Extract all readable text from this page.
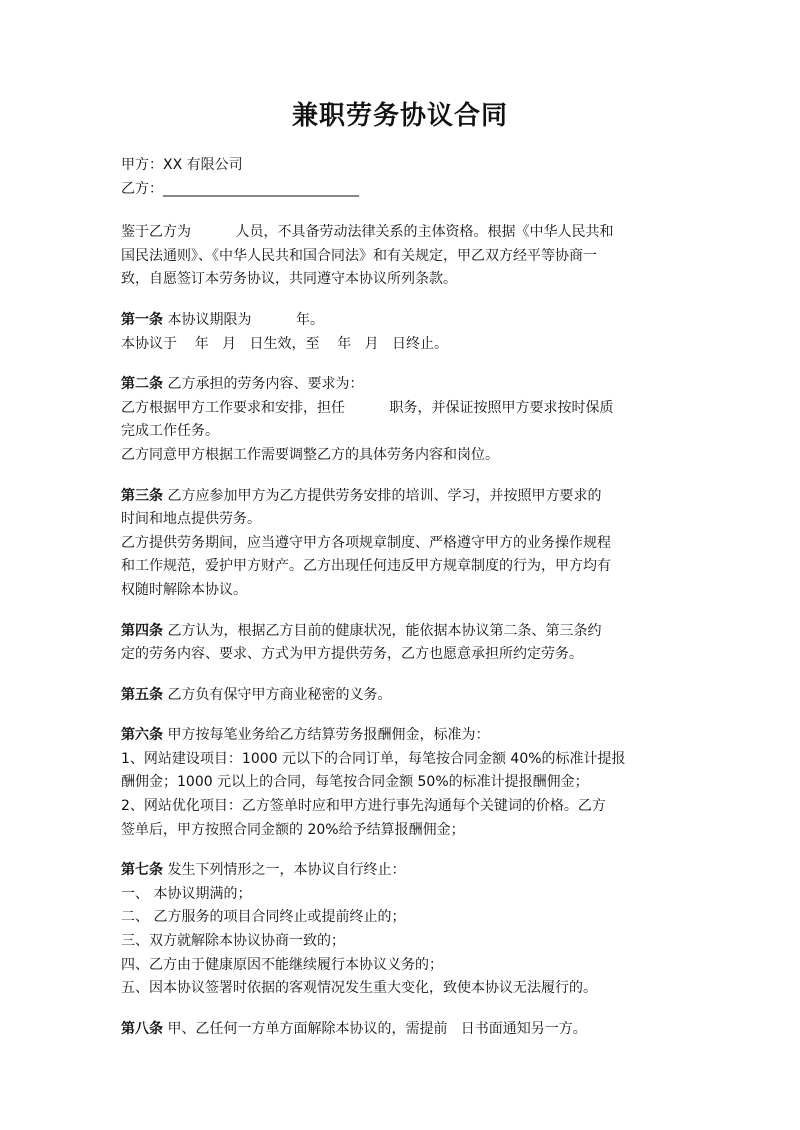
兼职劳务协议合同
甲方：XX 有限公司
乙方：____________________________
鉴于乙方为          人员，不具备劳动法律关系的主体资格。根据《中华人民共和
国民法通则》、《中华人民共和国合同法》和有关规定，甲乙双方经平等协商一
致，自愿签订本劳务协议，共同遵守本协议所列条款。
第一条 本协议期限为          年。
本协议于    年   月   日生效，至    年   月   日终止。
第二条 乙方承担的劳务内容、要求为：
乙方根据甲方工作要求和安排，担任          职务，并保证按照甲方要求按时保质
完成工作任务。
乙方同意甲方根据工作需要调整乙方的具体劳务内容和岗位。
第三条 乙方应参加甲方为乙方提供劳务安排的培训、学习，并按照甲方要求的
时间和地点提供劳务。
乙方提供劳务期间，应当遵守甲方各项规章制度、严格遵守甲方的业务操作规程
和工作规范，爱护甲方财产。乙方出现任何违反甲方规章制度的行为，甲方均有
权随时解除本协议。
第四条 乙方认为，根据乙方目前的健康状况，能依据本协议第二条、第三条约
定的劳务内容、要求、方式为甲方提供劳务，乙方也愿意承担所约定劳务。
第五条 乙方负有保守甲方商业秘密的义务。
第六条 甲方按每笔业务给乙方结算劳务报酬佣金，标准为：
1、网站建设项目：1000 元以下的合同订单，每笔按合同金额 40%的标准计提报
酬佣金；1000 元以上的合同，每笔按合同金额 50%的标准计提报酬佣金；
2、网站优化项目：乙方签单时应和甲方进行事先沟通每个关键词的价格。乙方
签单后，甲方按照合同金额的 20%给予结算报酬佣金；
第七条 发生下列情形之一，本协议自行终止：
一、 本协议期满的；
二、 乙方服务的项目合同终止或提前终止的；
三、双方就解除本协议协商一致的；
四、乙方由于健康原因不能继续履行本协议义务的；
五、因本协议签署时依据的客观情况发生重大变化，致使本协议无法履行的。
第八条 甲、乙任何一方单方面解除本协议的，需提前   日书面通知另一方。
